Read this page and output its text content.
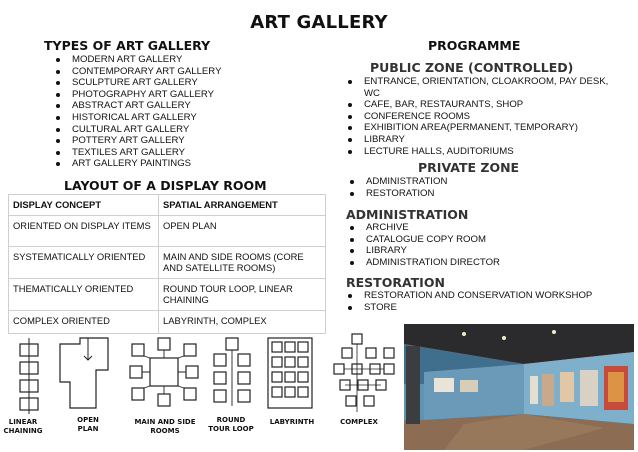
ART GALLERY
TYPES OF ART GALLERY
MODERN ART GALLERY
CONTEMPORARY ART GALLERY
SCULPTURE ART GALLERY
PHOTOGRAPHY ART GALLERY
ABSTRACT ART GALLERY
HISTORICAL ART GALLERY
CULTURAL ART GALLERY
POTTERY ART GALLERY
TEXTILES ART GALLERY
ART GALLERY PAINTINGS
LAYOUT OF A DISPLAY ROOM
DISPLAY CONCEPT	SPATIAL ARRANGEMENT
ORIENTED ON DISPLAY ITEMS	OPEN PLAN
SYSTEMATICALLY ORIENTED	MAIN AND SIDE ROOMS (CORE AND SATELLITE ROOMS)
THEMATICALLY ORIENTED	ROUND TOUR LOOP, LINEAR CHAINING
COMPLEX ORIENTED	LABYRINTH, COMPLEX
LINEAR CHAINING
OPEN PLAN
MAIN AND SIDE ROOMS
ROUND TOUR LOOP
LABYRINTH	COMPLEX
PROGRAMME
PUBLIC ZONE (CONTROLLED)
ENTRANCE, ORIENTATION, CLOAKROOM, PAY DESK, WC
CAFE, BAR, RESTAURANTS, SHOP
CONFERENCE ROOMS
EXHIBITION AREA(PERMANENT, TEMPORARY)
LIBRARY
LECTURE HALLS, AUDITORIUMS
PRIVATE ZONE
ADMINISTRATION
RESTORATION
ADMINISTRATION
ARCHIVE
CATALOGUE COPY ROOM
LIBRARY
ADMINISTRATION DIRECTOR
RESTORATION
RESTORATION AND CONSERVATION WORKSHOP
STORE
